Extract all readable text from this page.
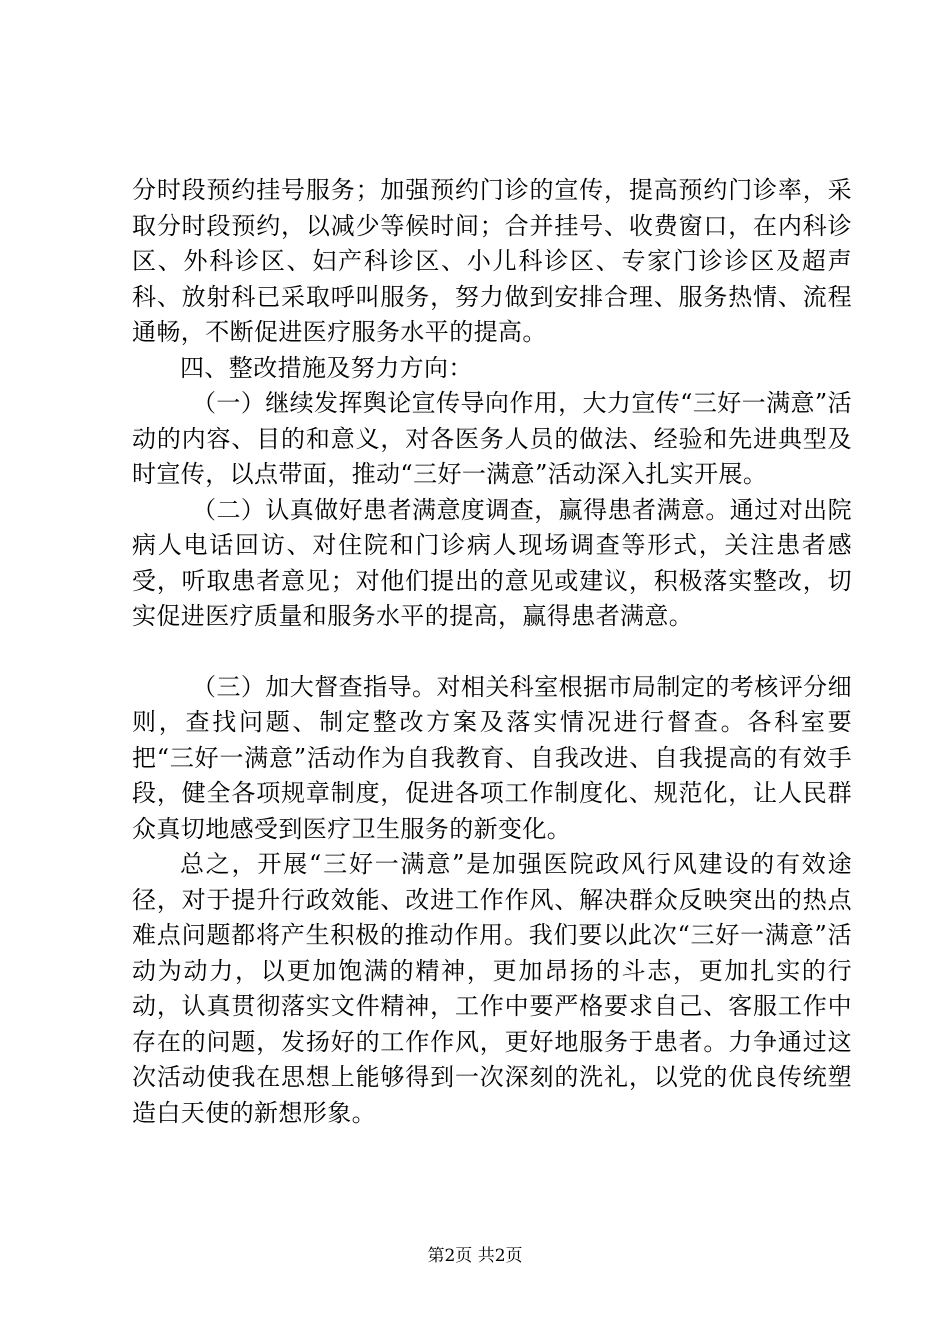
分时段预约挂号服务；加强预约门诊的宣传，提高预约门诊率，采取分时段预约，以减少等候时间；合并挂号、收费窗口，在内科诊区、外科诊区、妇产科诊区、小儿科诊区、专家门诊诊区及超声科、放射科已采取呼叫服务，努力做到安排合理、服务热情、流程通畅，不断促进医疗服务水平的提高。

四、整改措施及努力方向：

（一）继续发挥舆论宣传导向作用，大力宣传“三好一满意”活动的内容、目的和意义，对各医务人员的做法、经验和先进典型及时宣传，以点带面，推动“三好一满意”活动深入扎实开展。

（二）认真做好患者满意度调查，赢得患者满意。通过对出院病人电话回访、对住院和门诊病人现场调查等形式，关注患者感受，听取患者意见；对他们提出的意见或建议，积极落实整改，切实促进医疗质量和服务水平的提高，赢得患者满意。

（三）加大督查指导。对相关科室根据市局制定的考核评分细则，查找问题、制定整改方案及落实情况进行督查。各科室要把“三好一满意”活动作为自我教育、自我改进、自我提高的有效手段，健全各项规章制度，促进各项工作制度化、规范化，让人民群众真切地感受到医疗卫生服务的新变化。

总之，开展“三好一满意”是加强医院政风行风建设的有效途径，对于提升行政效能、改进工作作风、解决群众反映突出的热点难点问题都将产生积极的推动作用。我们要以此次“三好一满意”活动为动力，以更加饱满的精神，更加昂扬的斗志，更加扎实的行动，认真贯彻落实文件精神，工作中要严格要求自己、客服工作中存在的问题，发扬好的工作作风，更好地服务于患者。力争通过这次活动使我在思想上能够得到一次深刻的洗礼，以党的优良传统塑造白天使的新想形象。

第2页 共2页
